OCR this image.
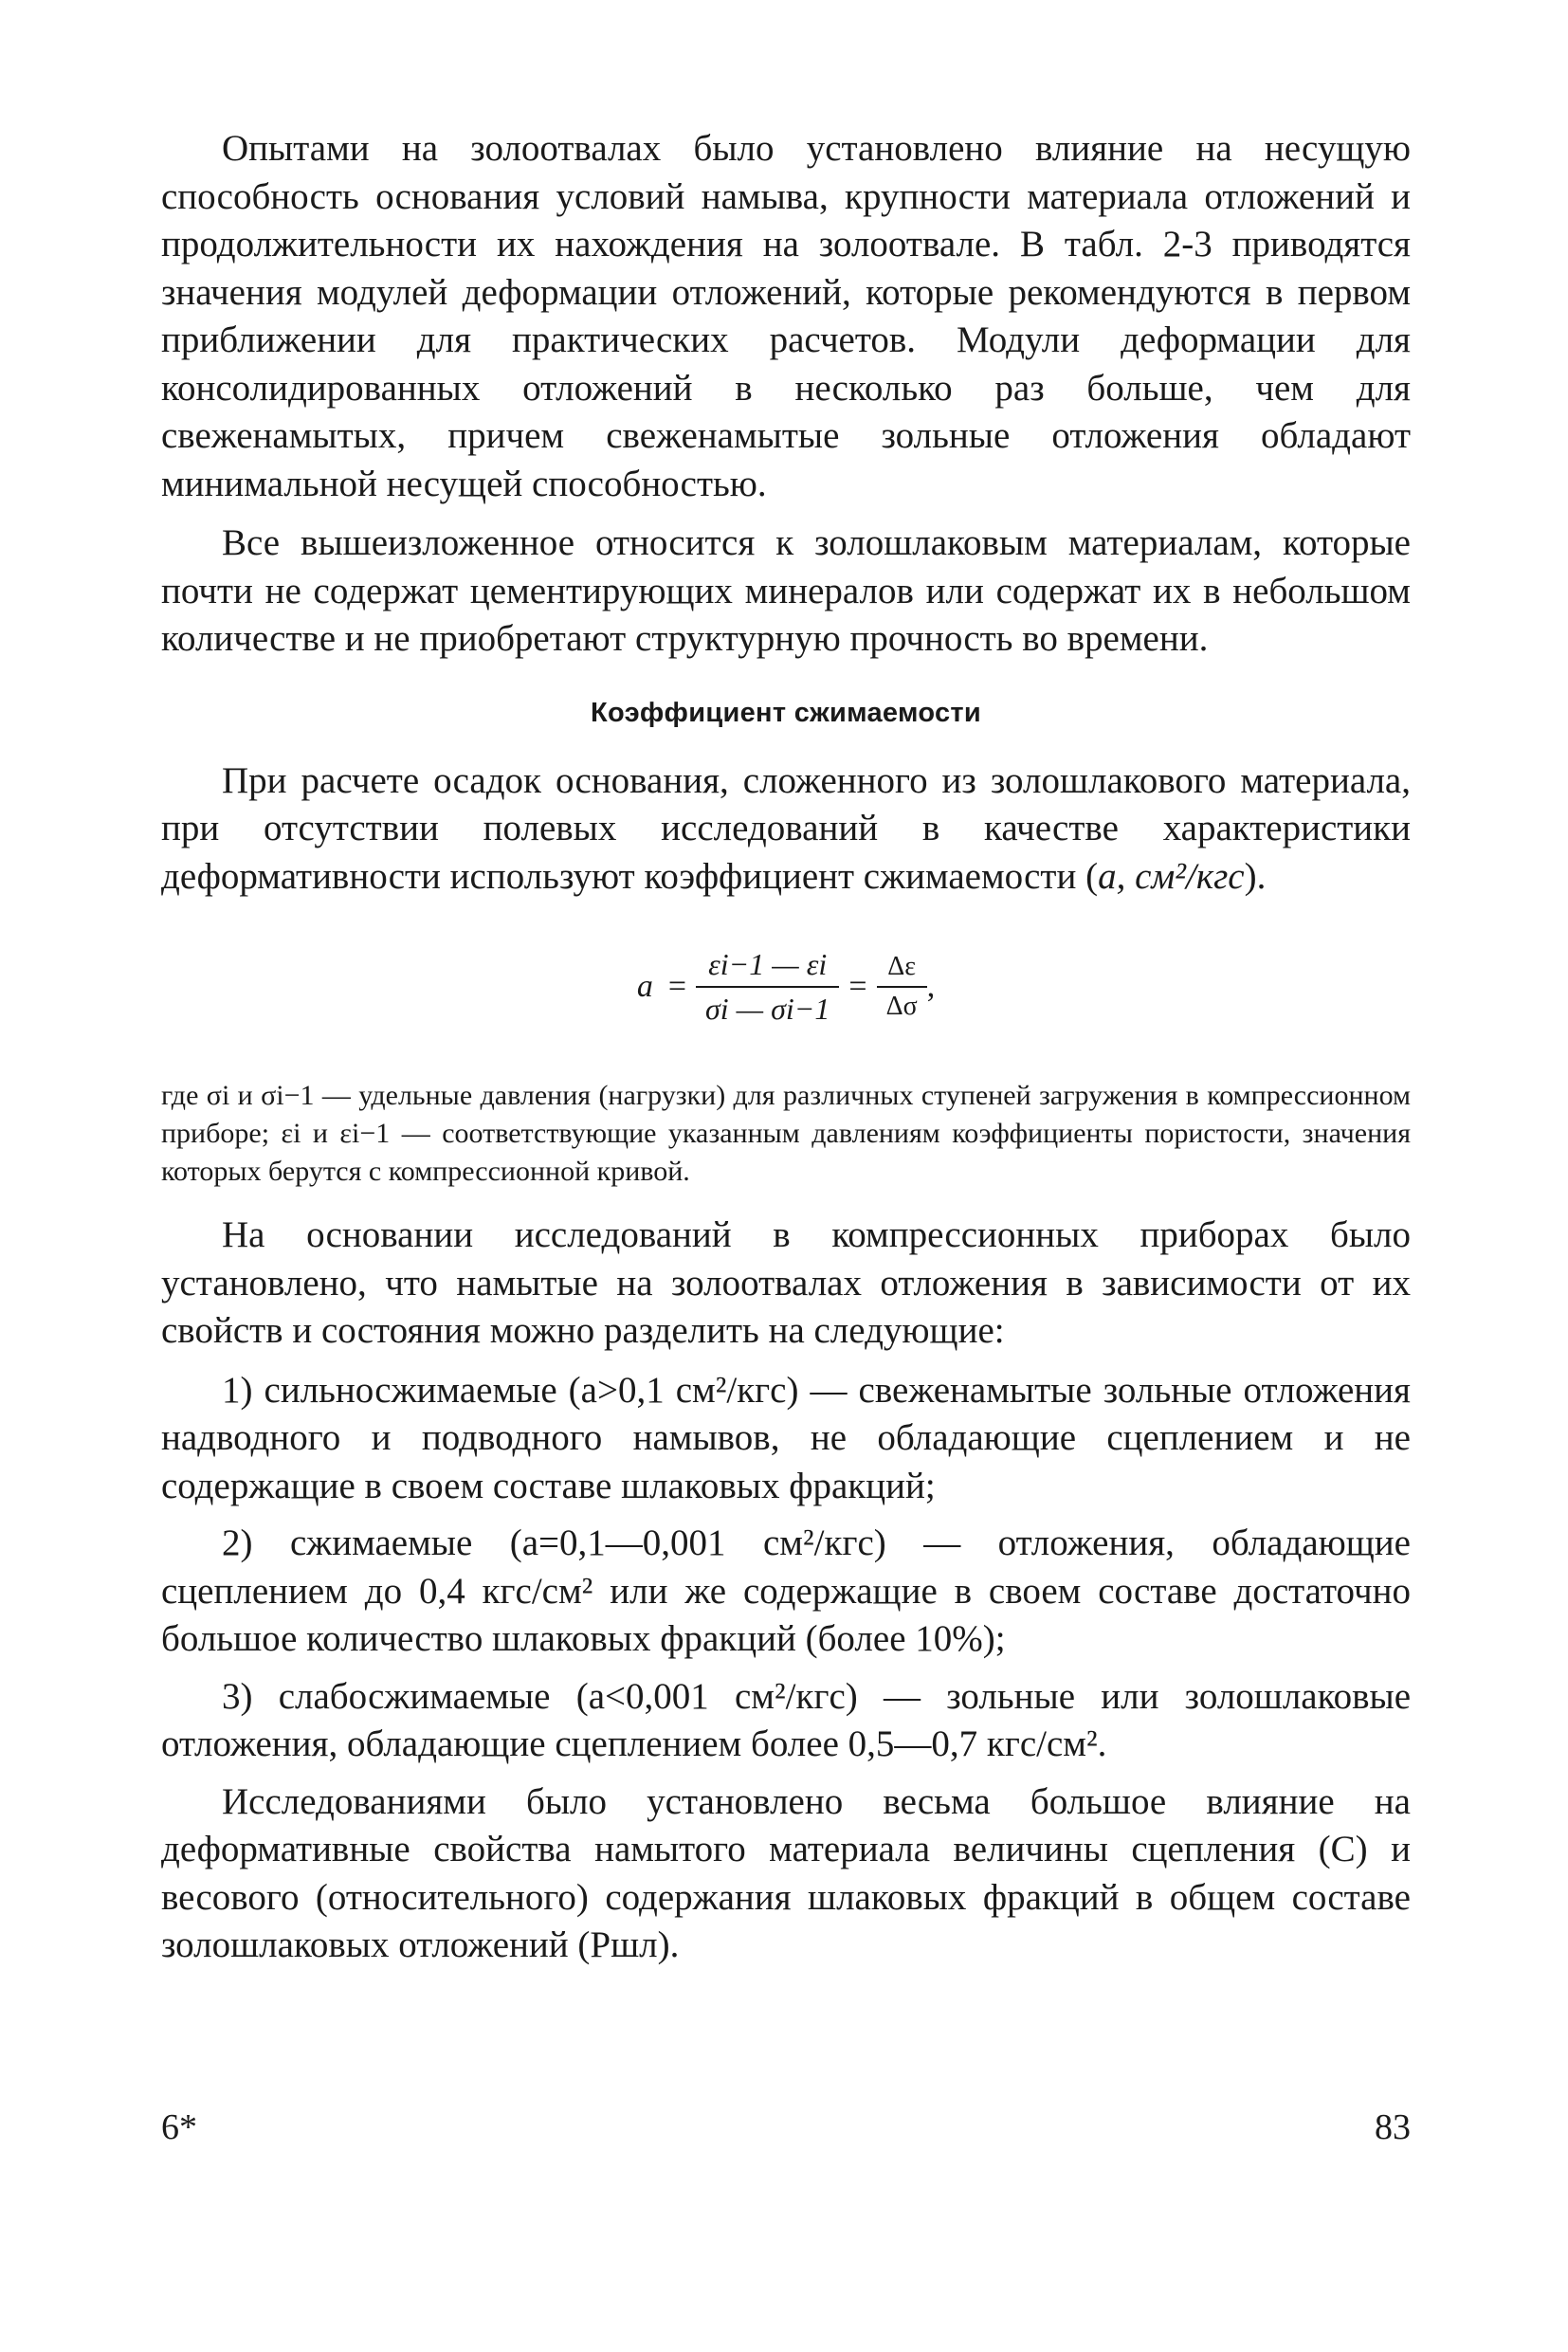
Опытами на золоотвалах было установлено влияние на несущую способность основания условий намыва, крупности материала отложений и продолжительности их нахождения на золоотвале. В табл. 2-3 приводятся значения модулей деформации отложений, которые рекомендуются в первом приближении для практических расчетов. Модули деформации для консолидированных отложений в несколько раз больше, чем для свеженамытых, причем свеженамытые зольные отложения обладают минимальной несущей способностью.

Все вышеизложенное относится к золошлаковым материалам, которые почти не содержат цементирующих минералов или содержат их в небольшом количестве и не приобретают структурную прочность во времени.

Коэффициент сжимаемости

При расчете осадок основания, сложенного из золошлакового материала, при отсутствии полевых исследований в качестве характеристики деформативности используют коэффициент сжимаемости (a, см²/кгс).

$a = \frac{\varepsilon i-1 — \varepsilon i}{\sigma i — \sigma i-1} = \frac{\Delta\varepsilon}{\Delta\sigma}$ ,

где σi и σi−1 — удельные давления (нагрузки) для различных ступеней загружения в компрессионном приборе; εi и εi−1 — соответствующие указанным давлениям коэффициенты пористости, значения которых берутся с компрессионной кривой.

На основании исследований в компрессионных приборах было установлено, что намытые на золоотвалах отложения в зависимости от их свойств и состояния можно разделить на следующие:

1) сильносжимаемые (a>0,1 см²/кгс) — свеженамытые зольные отложения надводного и подводного намывов, не обладающие сцеплением и не содержащие в своем составе шлаковых фракций;

2) сжимаемые (a=0,1—0,001 см²/кгс) — отложения, обладающие сцеплением до 0,4 кгс/см² или же содержащие в своем составе достаточно большое количество шлаковых фракций (более 10%);

3) слабосжимаемые (a<0,001 см²/кгс) — зольные или золошлаковые отложения, обладающие сцеплением более 0,5—0,7 кгс/см².

Исследованиями было установлено весьма большое влияние на деформативные свойства намытого материала величины сцепления (C) и весового (относительного) содержания шлаковых фракций в общем составе золошлаковых отложений (Pшл).

6*	83
